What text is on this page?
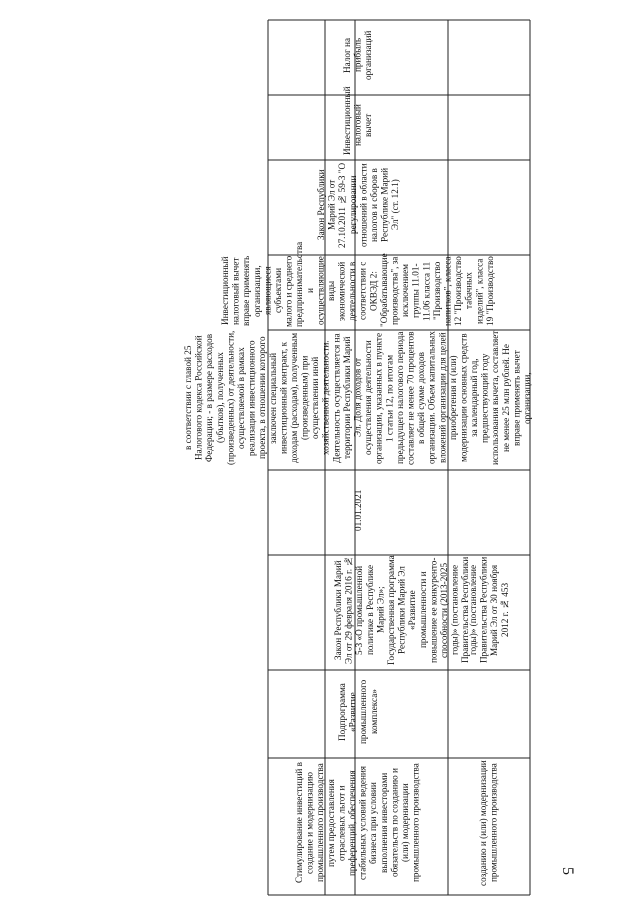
годы)» (постановление Правительства Республики Марий Эл от 30 ноября 2012 г. № 453
созданию и (или) модернизации промышленного производства
Налог на прибыль организаций
Инвестиционный налоговый вычет
Закон Республики Марий Эл от 27.10.2011 № 59-З "О регулировании отношений в области налогов и сборов в Республике Марий Эл" (ст. 12.1)
Инвестиционный налоговый вычет вправе применять организации, являющиеся субъектами малого и среднего предпринимательства и осуществляющие виды экономической деятельности в соответствии с ОКВЭД 2: "Обрабатывающие производства", за исключением группы 11.01-11.06 класса 11 "Производство напитков", класса 12 "Производство табачных изделий", класса 19 "Производство
в соответствии с главой 25 Налогового кодекса Российской Федерации; - в размере расходов (убытков), полученных (произведенных) от деятельности, осуществляемой в рамках реализации инвестиционного проекта, в отношении которого заключен специальный инвестиционный контракт, к доходам (расходам), полученным (произведенным) при осуществлении иной хозяйственной деятельности.
Деятельность осуществляется на территории Республики Марий Эл. Доля доходов от осуществления деятельности организации, указанных в пункте 1 статьи 12, по итогам предыдущего налогового периода составляет не менее 70 процентов в общей сумме доходов организации. Объем капитальных вложений организации для целей приобретения и (или) модернизации основных средств за календарный год, предшествующий году использования вычета, составляет не менее 25 млн рублей. Не вправе применять вычет организации,
01.01.2021
Закон Республики Марий Эл от 29 февраля 2016 г. № 5-З «О промышленной политике в Республике Марий Эл»; Государственная программа Республики Марий Эл «Развитие промышленности и повышение ее конкуренто-способности (2013-2025 годы)» (постановление Правительства Республики
Подпрограмма «Развитие промышленного комплекса»
Стимулирование инвестиций в создание и модернизацию промышленного производства путем предоставления отраслевых льгот и преференций, обеспечения стабильных условий ведения бизнеса при условии выполнения инвесторами обязательств по созданию и (или) модернизации промышленного производства	5
